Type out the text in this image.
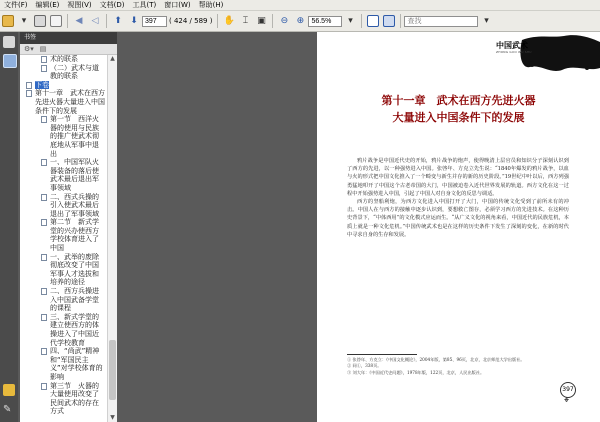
文件(F)	编辑(E)	视图(V)	文档(D)	工具(T)	窗口(W)	帮助(H)
▾	◀	◁	⬆ ⬇
397	( 424 / 589 ) ✋ ⌶	▣	⊖ ⊕
56.5%	▾
查找	▾
✎
书签
⚙▾ ▤
术的联系
（二）武术与道教的联系
下卷
第十一章　武术在西方先进火器大量进入中国条件下的发展
第一节　西洋火器的使用与民族的推广使武术彻底地从军事中退出
一、中国军队火器装备的落后使武术最后退出军事领域
二、西式兵操的引入使武术最后退出了军事领域
第二节　新式学堂的兴办使西方学校体育进入了中国
一、武举的废除彻底改变了中国军事人才选拔和培养的途径
二、西方兵操进入中国武备学堂的课程
三、新式学堂的建立使西方的体操进入了中国近代学校教育
四、“尚武”精神和“军国民主义”对学校体育的影响
第三节　火器的大量使用改变了民间武术的存在方式
▲
▼
中国武术
ZHONG GUO WU SHU
第十一章　武术在西方先进火器
大量进入中国条件下的发展

鸦片战争是中国近代史的开始，鸦片战争的炮声，使得晚清上层官员和知识分子深刻认识到了西方的先进，以一种强势进入中国。张啓年、方克立先生说：“1840年爆发的鸦片战争，以血与火的形式把中国文化推入了一个畸变与新生并存的新的历史阶段。”19世纪中叶以后，西方列强勇猛地叩开了中国这个古老帝国的大门，中国被迫卷入近代世界发展的轨道。西方文化在这一过程中开始强势进入中国，引起了中国人对自身文化的反思与调适。

西方的坚船利炮，为西方文化进入中国打开了大门，中国的传统文化受到了前所未有的冲击。中国人在与西方的接触中逐步认识到，要想救亡图存，必须学习西方的先进技术。在这种历史背景下，“中体西用”的文化模式应运而生。“从广义文化的视角来看，中国近代的民族危机，本质上就是一种文化危机。”中国传统武术也是在这样的历史条件下发生了深刻的变化，在新的时代中寻求自身的生存和发展。

① 张啓年、方克立：《中国文化概论》，2004年版，第85、96页，北京，北京师范大学出版社。
② 同①，338页。
③ 刘大年：《中国近代史问题》，1978年版，122页，北京，人民出版社。
397
⌖
